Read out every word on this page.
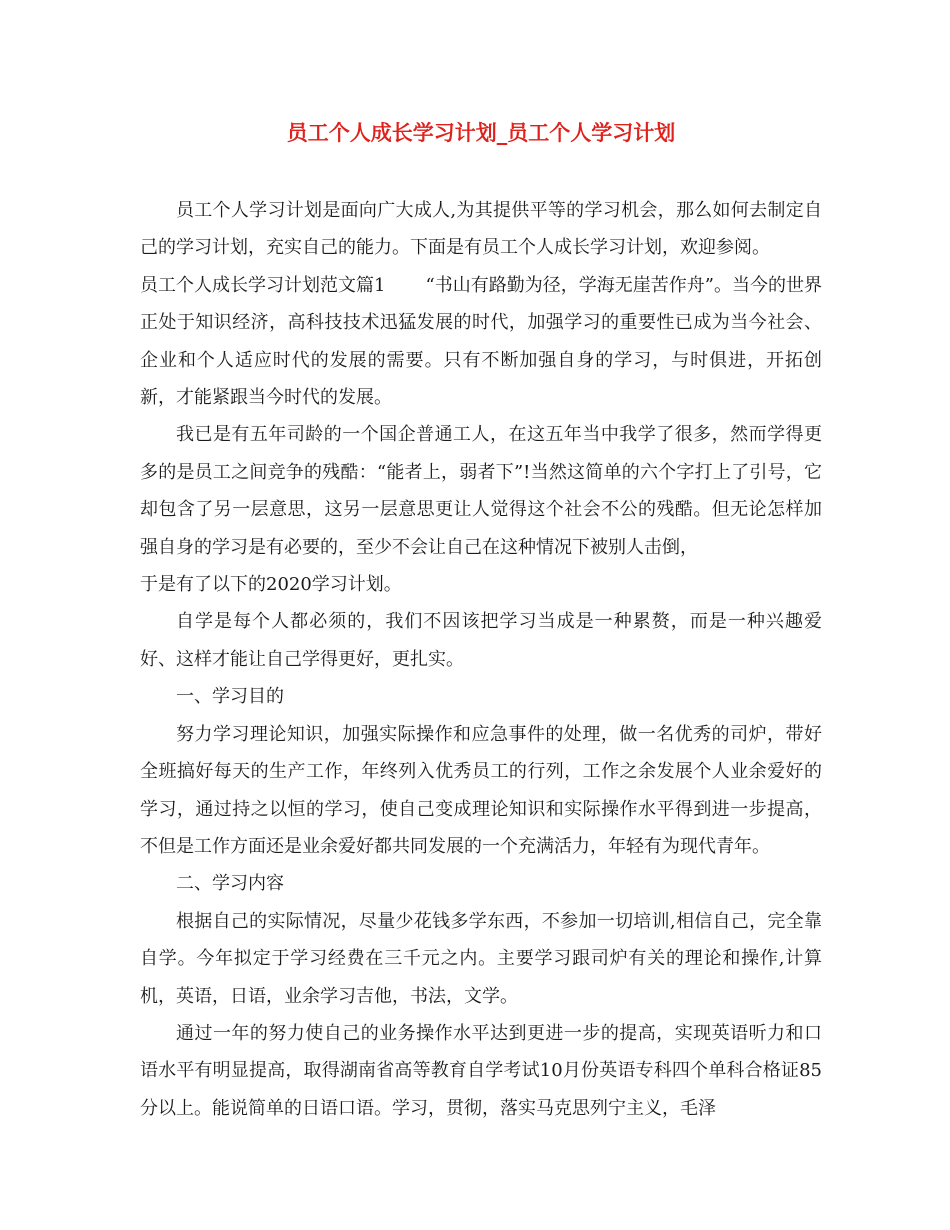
员工个人成长学习计划_员工个人学习计划

员工个人学习计划是面向广大成人,为其提供平等的学习机会，那么如何去制定自己的学习计划，充实自己的能力。下面是有员工个人成长学习计划，欢迎参阅。
员工个人成长学习计划范文篇1 “书山有路勤为径，学海无崖苦作舟”。当今的世界正处于知识经济，高科技技术迅猛发展的时代，加强学习的重要性已成为当今社会、企业和个人适应时代的发展的需要。只有不断加强自身的学习，与时俱进，开拓创新，才能紧跟当今时代的发展。

我已是有五年司龄的一个国企普通工人，在这五年当中我学了很多，然而学得更多的是员工之间竞争的残酷：“能者上，弱者下”!当然这简单的六个字打上了引号，它却包含了另一层意思，这另一层意思更让人觉得这个社会不公的残酷。但无论怎样加强自身的学习是有必要的，至少不会让自己在这种情况下被别人击倒，
于是有了以下的2020学习计划。

自学是每个人都必须的，我们不因该把学习当成是一种累赘，而是一种兴趣爱好、这样才能让自己学得更好，更扎实。

一、学习目的

努力学习理论知识，加强实际操作和应急事件的处理，做一名优秀的司炉，带好全班搞好每天的生产工作，年终列入优秀员工的行列，工作之余发展个人业余爱好的学习，通过持之以恒的学习，使自己变成理论知识和实际操作水平得到进一步提高，不但是工作方面还是业余爱好都共同发展的一个充满活力，年轻有为现代青年。

二、学习内容

根据自己的实际情况，尽量少花钱多学东西，不参加一切培训,相信自己，完全靠自学。今年拟定于学习经费在三千元之内。主要学习跟司炉有关的理论和操作,计算机，英语，日语，业余学习吉他，书法，文学。

通过一年的努力使自己的业务操作水平达到更进一步的提高，实现英语听力和口语水平有明显提高，取得湖南省高等教育自学考试10月份英语专科四个单科合格证85分以上。能说简单的日语口语。学习，贯彻，落实马克思列宁主义，毛泽
